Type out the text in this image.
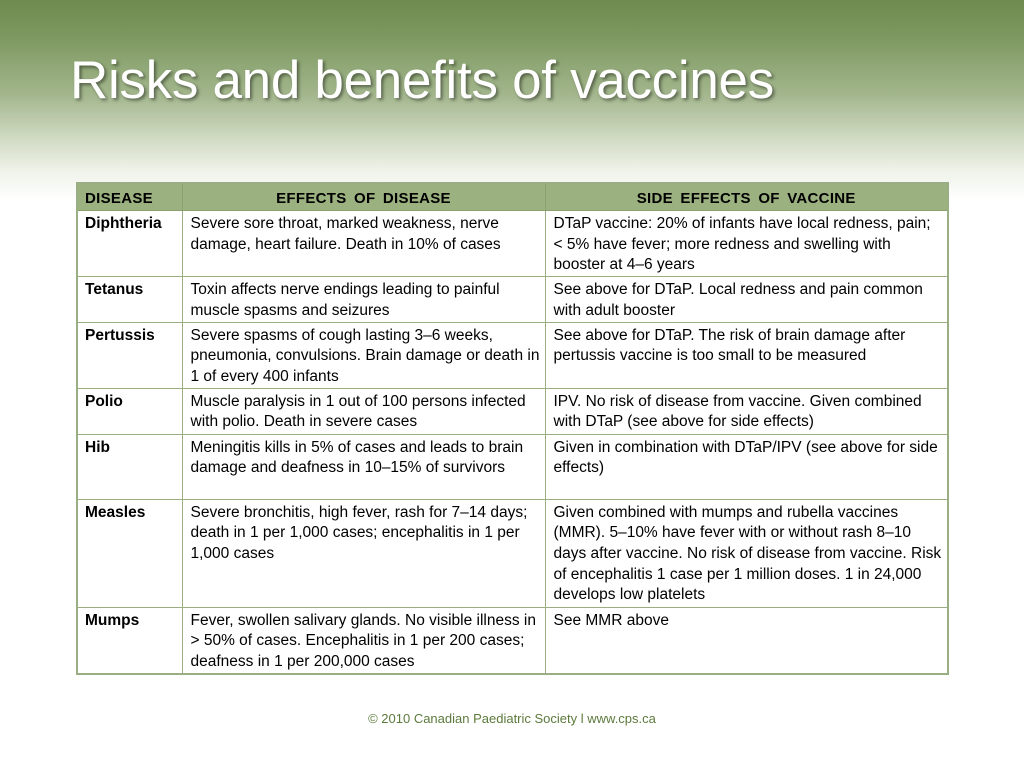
Risks and benefits of vaccines
DISEASE	EFFECTS OF DISEASE	SIDE EFFECTS OF VACCINE
Diphtheria	Severe sore throat, marked weakness, nerve damage, heart failure. Death in 10% of cases	DTaP vaccine: 20% of infants have local redness, pain; < 5% have fever; more redness and swelling with booster at 4–6 years
Tetanus	Toxin affects nerve endings leading to painful muscle spasms and seizures	See above for DTaP. Local redness and pain common with adult booster
Pertussis	Severe spasms of cough lasting 3–6 weeks, pneumonia, convulsions. Brain damage or death in 1 of every 400 infants	See above for DTaP. The risk of brain damage after pertussis vaccine is too small to be measured
Polio	Muscle paralysis in 1 out of 100 persons infected with polio. Death in severe cases	IPV. No risk of disease from vaccine. Given combined with DTaP (see above for side effects)
Hib	Meningitis kills in 5% of cases and leads to brain damage and deafness in 10–15% of survivors	Given in combination with DTaP/IPV (see above for side effects)
Measles	Severe bronchitis, high fever, rash for 7–14 days; death in 1 per 1,000 cases; encephalitis in 1 per 1,000 cases	Given combined with mumps and rubella vaccines (MMR). 5–10% have fever with or without rash 8–10 days after vaccine. No risk of disease from vaccine. Risk of encephalitis 1 case per 1 million doses. 1 in 24,000 develops low platelets
Mumps	Fever, swollen salivary glands. No visible illness in > 50% of cases. Encephalitis in 1 per 200 cases; deafness in 1 per 200,000 cases	See MMR above
© 2010 Canadian Paediatric Society l www.cps.ca
